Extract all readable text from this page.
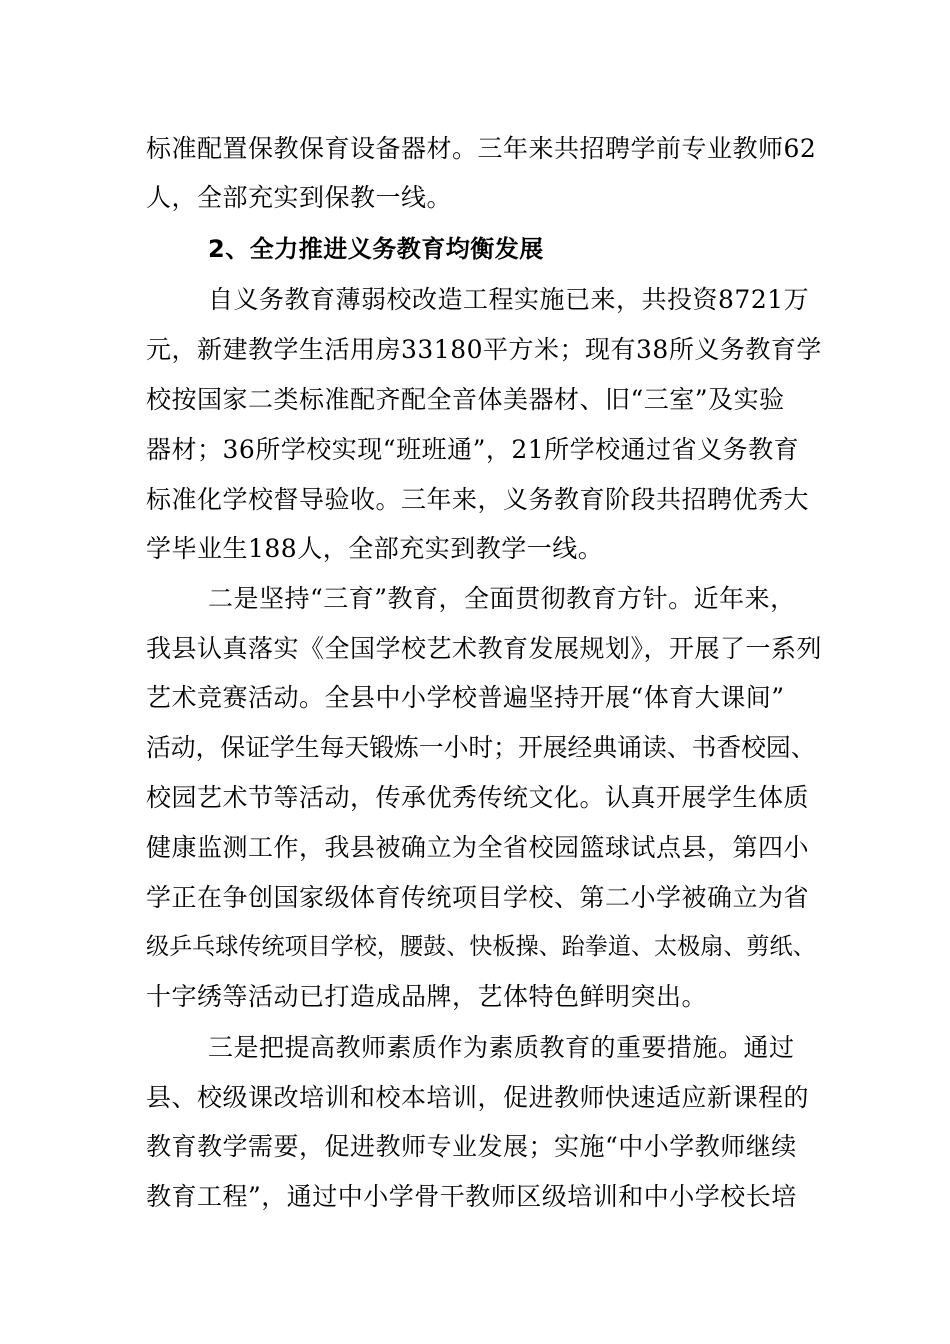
标准配置保教保育设备器材。三年来共招聘学前专业教师62
人，全部充实到保教一线。
2、全力推进义务教育均衡发展
自义务教育薄弱校改造工程实施已来，共投资8721万
元，新建教学生活用房33180平方米；现有38所义务教育学
校按国家二类标准配齐配全音体美器材、旧“三室”及实验
器材；36所学校实现“班班通”，21所学校通过省义务教育
标准化学校督导验收。三年来，义务教育阶段共招聘优秀大
学毕业生188人，全部充实到教学一线。
二是坚持“三育”教育，全面贯彻教育方针。近年来，
我县认真落实《全国学校艺术教育发展规划》，开展了一系列
艺术竞赛活动。全县中小学校普遍坚持开展“体育大课间”
活动，保证学生每天锻炼一小时；开展经典诵读、书香校园、
校园艺术节等活动，传承优秀传统文化。认真开展学生体质
健康监测工作，我县被确立为全省校园篮球试点县，第四小
学正在争创国家级体育传统项目学校、第二小学被确立为省
级乒乓球传统项目学校，腰鼓、快板操、跆拳道、太极扇、剪纸、
十字绣等活动已打造成品牌，艺体特色鲜明突出。
三是把提高教师素质作为素质教育的重要措施。通过
县、校级课改培训和校本培训，促进教师快速适应新课程的
教育教学需要，促进教师专业发展；实施“中小学教师继续
教育工程”，通过中小学骨干教师区级培训和中小学校长培
